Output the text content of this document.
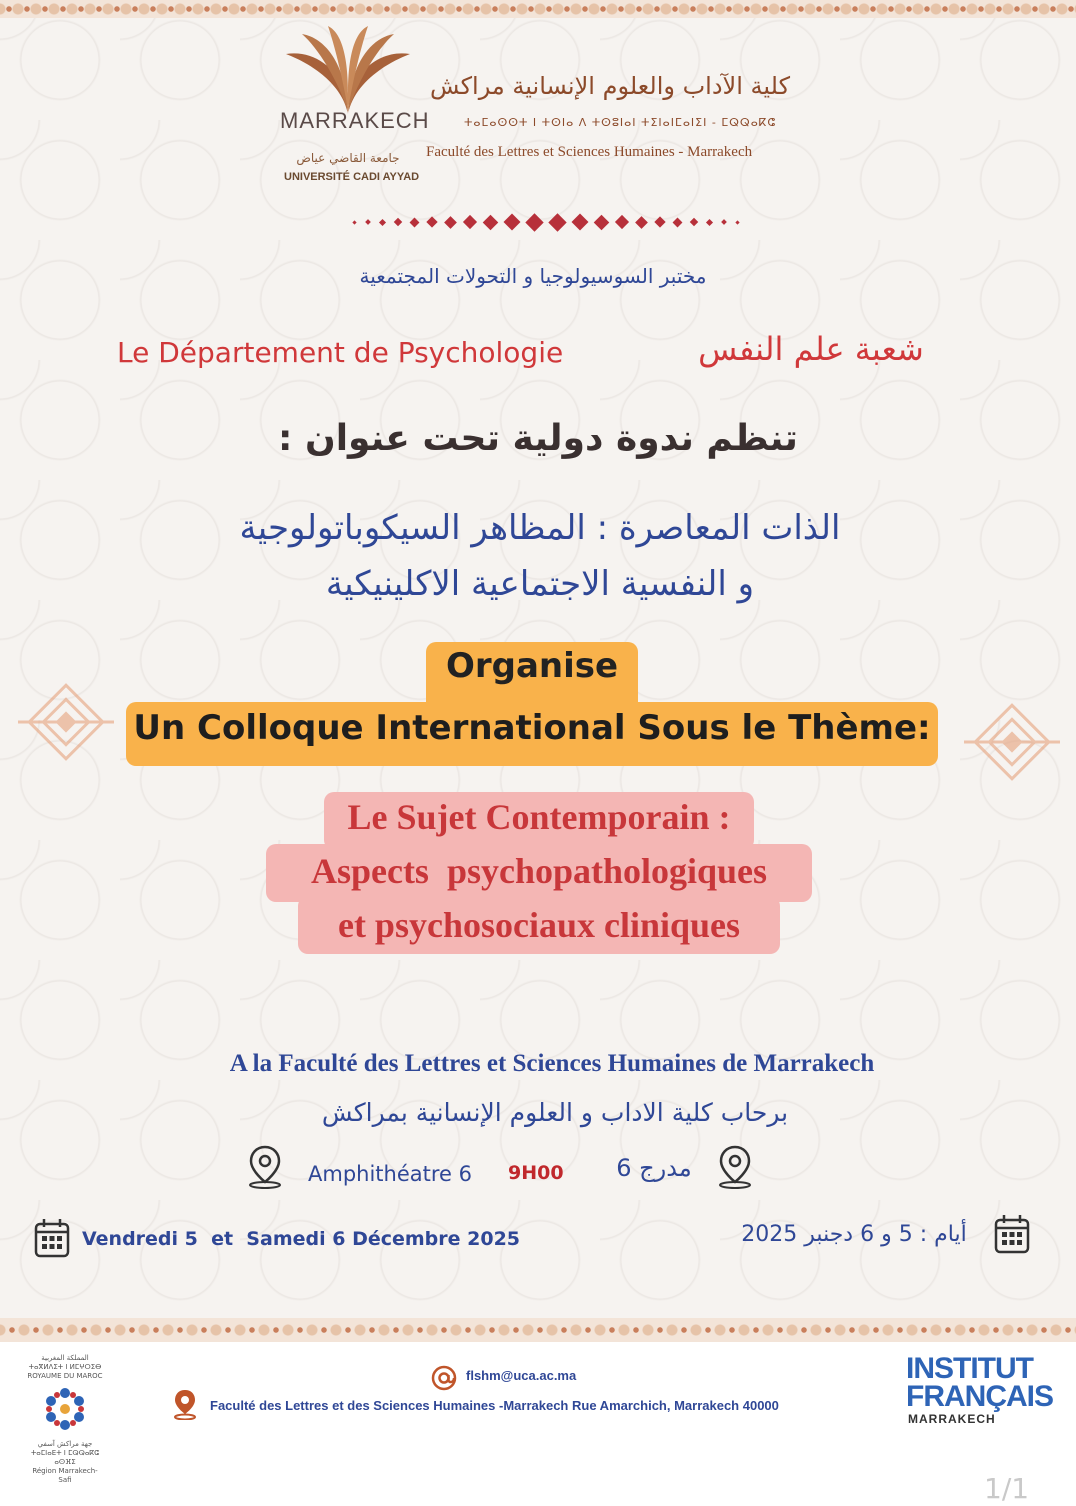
MARRAKECH
جامعة القاضي عياض
UNIVERSITÉ CADI AYYAD
كلية الآداب والعلوم الإنسانية مراكش
ⵜⴰⵎⴰⵙⵙⵜ ⵏ ⵜⵙⵏⴰ ⴷ ⵜⵙⵓⵏⴰⵏ ⵜⵉⵏⴰⵏⵎⴰⵏⵉⵏ - ⵎⵕⵕⴰⴽⵛ
Faculté des Lettres et Sciences Humaines - Marrakech
مختبر السوسيولوجيا و التحولات المجتمعية
Le Département de Psychologie	شعبة علم النفس
تنظم ندوة دولية تحت عنوان :
الذات المعاصرة : المظاهر السيكوباتولوجية
و النفسية الاجتماعية الاكلينيكية
Organise
Un Colloque International Sous le Thème:
Le Sujet Contemporain :
Aspects  psychopathologiques
et psychosociaux cliniques
A la Faculté des Lettres et Sciences Humaines de Marrakech
برحاب كلية الاداب و العلوم الإنسانية بمراكش
Amphithéatre 6 9H00	مدرج 6
Vendredi 5  et  Samedi 6 Décembre 2025	أيام : 5 و 6 دجنبر 2025
المملكة المغربية
ⵜⴰⴳⵍⴷⵉⵜ ⵏ ⵍⵎⵖⵔⵉⴱ
ROYAUME DU MAROC
جهة مراكش آسفي
ⵜⴰⵎⵏⴰⴹⵜ ⵏ ⵎⵕⵕⴰⴽⵛ ⴰⵙⴼⵉ
Région Marrakech-Safi
flshm@uca.ac.ma
Faculté des Lettres et des Sciences Humaines -Marrakech Rue Amarchich, Marrakech 40000
INSTITUT
FRANÇAIS
MARRAKECH
1/1
